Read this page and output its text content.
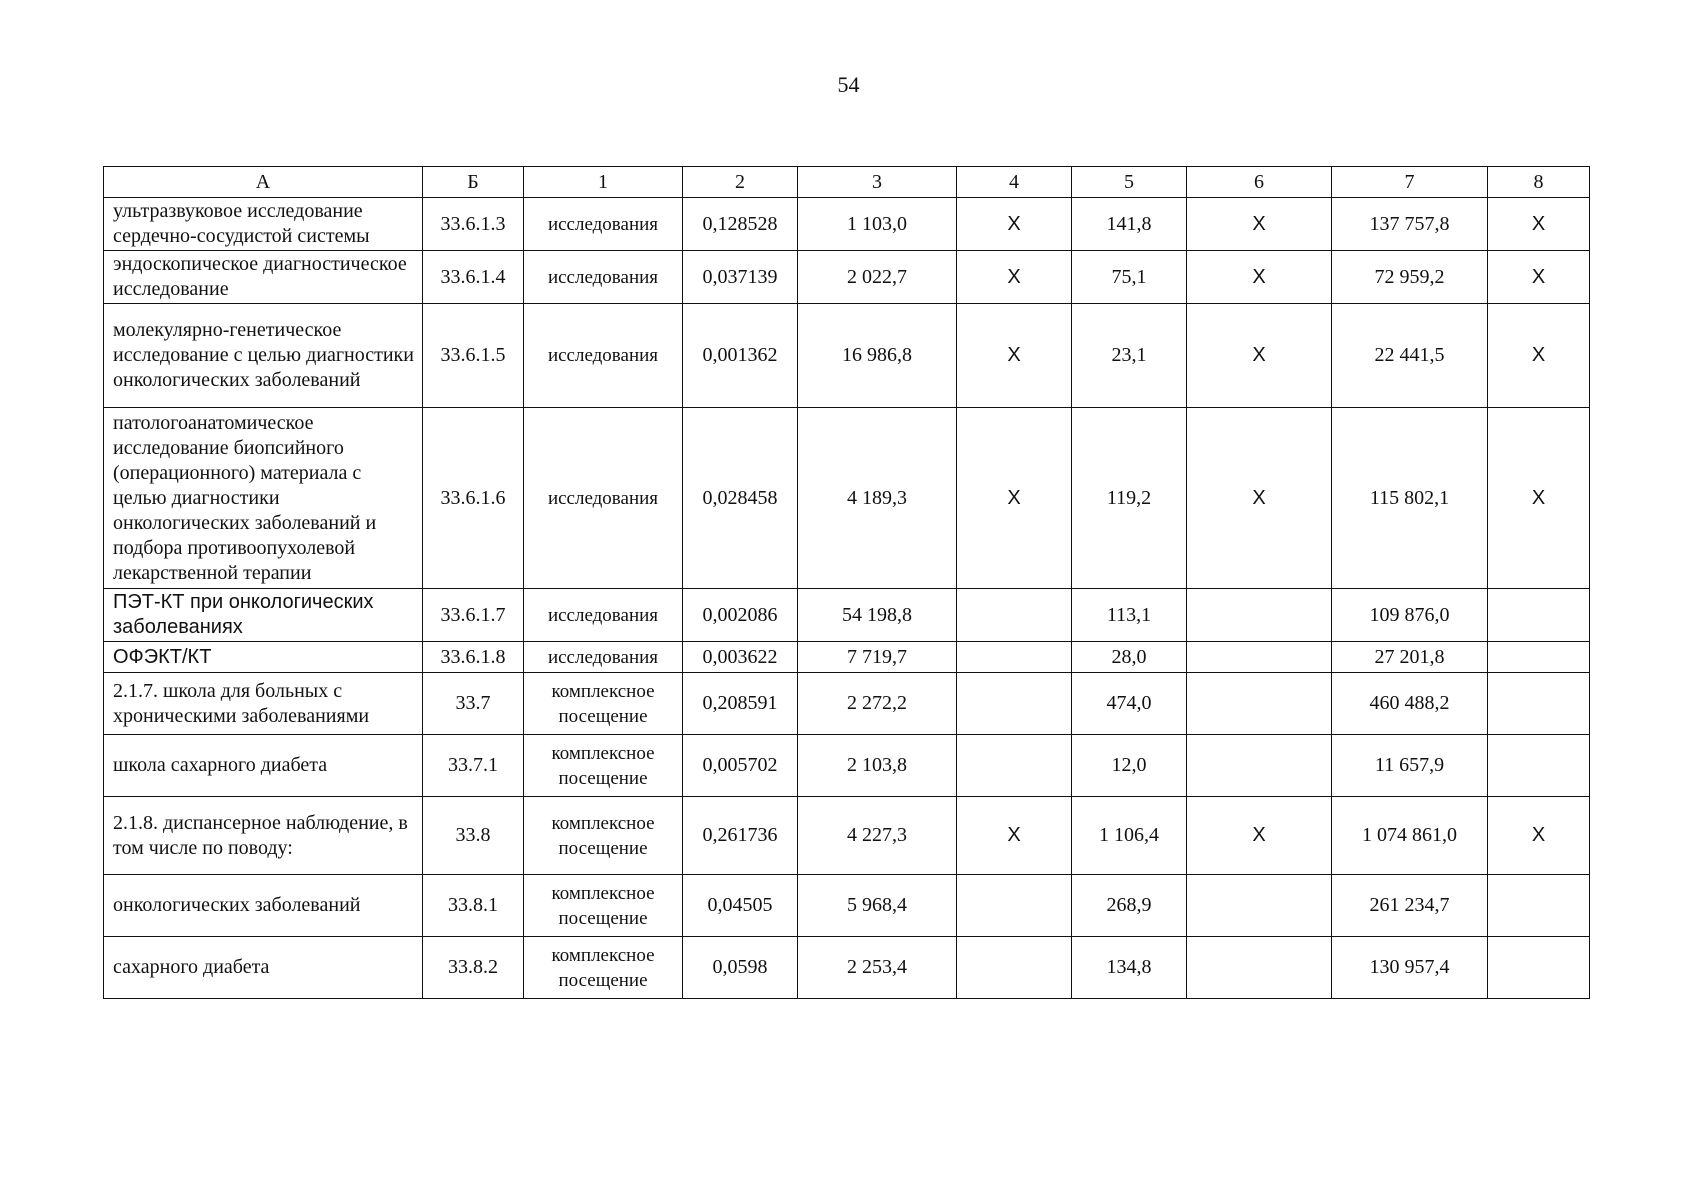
54
А	Б	1	2	3	4	5	6	7	8
ультразвуковое исследование сердечно-сосудистой системы	33.6.1.3	исследования	0,128528	1 103,0	Х	141,8	Х	137 757,8	Х
эндоскопическое диагностическое исследование	33.6.1.4	исследования	0,037139	2 022,7	Х	75,1	Х	72 959,2	Х
молекулярно-генетическое исследование с целью диагностики онкологических заболеваний	33.6.1.5	исследования	0,001362	16 986,8	Х	23,1	Х	22 441,5	Х
патологоанатомическое исследование биопсийного (операционного) материала с целью диагностики онкологических заболеваний и подбора противоопухолевой лекарственной терапии	33.6.1.6	исследования	0,028458	4 189,3	Х	119,2	Х	115 802,1	Х
ПЭТ-КТ при онкологических заболеваниях	33.6.1.7	исследования	0,002086	54 198,8		113,1		109 876,0	
ОФЭКТ/КТ	33.6.1.8	исследования	0,003622	7 719,7		28,0		27 201,8	
2.1.7. школа для больных с хроническими заболеваниями	33.7	комплексное посещение	0,208591	2 272,2		474,0		460 488,2	
школа сахарного диабета	33.7.1	комплексное посещение	0,005702	2 103,8		12,0		11 657,9	
2.1.8. диспансерное наблюдение, в том числе по поводу:	33.8	комплексное посещение	0,261736	4 227,3	Х	1 106,4	Х	1 074 861,0	Х
онкологических заболеваний	33.8.1	комплексное посещение	0,04505	5 968,4		268,9		261 234,7	
сахарного диабета	33.8.2	комплексное посещение	0,0598	2 253,4		134,8		130 957,4	
